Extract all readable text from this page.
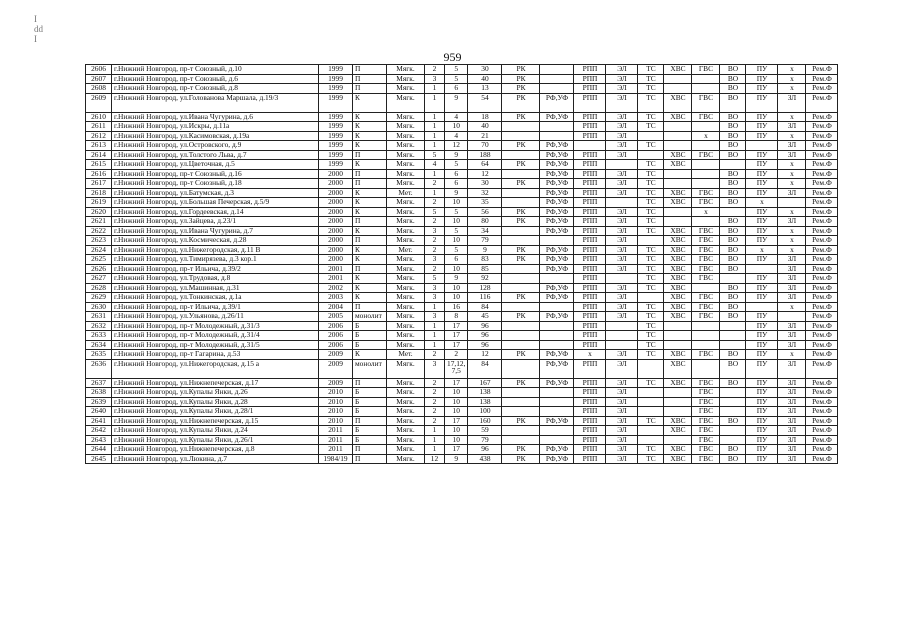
I dd I
959
2606	г.Нижний Новгород, пр-т Союзный, д.10	1999	П	Мягк.	2	5	30	РК		РПП	ЭЛ	ТС	ХВС	ГВС	ВО	ПУ	х	Рем.Ф
2607	г.Нижний Новгород, пр-т Союзный, д.6	1999	П	Мягк.	3	5	40	РК		РПП	ЭЛ	ТС			ВО	ПУ	х	Рем.Ф
2608	г.Нижний Новгород, пр-т Союзный, д.8	1999	П	Мягк.	1	6	13	РК		РПП	ЭЛ	ТС			ВО	ПУ	х	Рем.Ф
2609	г.Нижний Новгород, ул.Голованова Маршала, д.19/3	1999	К	Мягк.	1	9	54	РК	РФ,УФ	РПП	ЭЛ	ТС	ХВС	ГВС	ВО	ПУ	ЗЛ	Рем.Ф
2610	г.Нижний Новгород, ул.Ивана Чугурина, д.6	1999	К	Мягк.	1	4	18	РК	РФ,УФ	РПП	ЭЛ	ТС	ХВС	ГВС	ВО	ПУ	х	Рем.Ф
2611	г.Нижний Новгород, ул.Искры, д.11а	1999	К	Мягк.	1	10	40			РПП	ЭЛ	ТС			ВО	ПУ	ЗЛ	Рем.Ф
2612	г.Нижний Новгород, ул.Касимовская, д.19а	1999	К	Мягк.	1	4	21			РПП	ЭЛ			х	ВО	ПУ	х	Рем.Ф
2613	г.Нижний Новгород, ул.Островского, д.9	1999	К	Мягк.	1	12	70	РК	РФ,УФ		ЭЛ	ТС			ВО		ЗЛ	Рем.Ф
2614	г.Нижний Новгород, ул.Толстого Льва, д.7	1999	П	Мягк.	5	9	188		РФ,УФ	РПП	ЭЛ		ХВС	ГВС	ВО	ПУ	ЗЛ	Рем.Ф
2615	г.Нижний Новгород, ул.Цветочная, д.5	1999	К	Мягк.	4	5	64	РК	РФ,УФ	РПП		ТС	ХВС			ПУ	х	Рем.Ф
2616	г.Нижний Новгород, пр-т Союзный, д.16	2000	П	Мягк.	1	6	12		РФ,УФ	РПП	ЭЛ	ТС			ВО	ПУ	х	Рем.Ф
2617	г.Нижний Новгород, пр-т Союзный, д.18	2000	П	Мягк.	2	6	30	РК	РФ,УФ	РПП	ЭЛ	ТС			ВО	ПУ	х	Рем.Ф
2618	г.Нижний Новгород, ул.Батумская, д.3	2000	К	Мет.	1	9	32		РФ,УФ	РПП	ЭЛ	ТС	ХВС	ГВС	ВО	ПУ	ЗЛ	Рем.Ф
2619	г.Нижний Новгород, ул.Большая Печерская, д.5/9	2000	К	Мягк.	2	10	35		РФ,УФ	РПП		ТС	ХВС	ГВС	ВО	х		Рем.Ф
2620	г.Нижний Новгород, ул.Гордеевская, д.14	2000	К	Мягк.	5	5	56	РК	РФ,УФ	РПП	ЭЛ	ТС		х		ПУ	х	Рем.Ф
2621	г.Нижний Новгород, ул.Зайцева, д.23/1	2000	П	Мягк.	2	10	80	РК	РФ,УФ	РПП	ЭЛ	ТС			ВО	ПУ	ЗЛ	Рем.Ф
2622	г.Нижний Новгород, ул.Ивана Чугурина, д.7	2000	К	Мягк.	3	5	34		РФ,УФ	РПП	ЭЛ	ТС	ХВС	ГВС	ВО	ПУ	х	Рем.Ф
2623	г.Нижний Новгород, ул.Космическая, д.28	2000	П	Мягк.	2	10	79			РПП	ЭЛ		ХВС	ГВС	ВО	ПУ	х	Рем.Ф
2624	г.Нижний Новгород, ул.Нижегородская, д.11 В	2000	К	Мет.	2	5	9	РК	РФ,УФ	РПП	ЭЛ	ТС	ХВС	ГВС	ВО	х	х	Рем.Ф
2625	г.Нижний Новгород, ул.Тимирязева, д.3 кор.1	2000	К	Мягк.	3	6	83	РК	РФ,УФ	РПП	ЭЛ	ТС	ХВС	ГВС	ВО	ПУ	ЗЛ	Рем.Ф
2626	г.Нижний Новгород, пр-т Ильича, д.39/2	2001	П	Мягк.	2	10	85		РФ,УФ	РПП	ЭЛ	ТС	ХВС	ГВС	ВО		ЗЛ	Рем.Ф
2627	г.Нижний Новгород, ул.Трудовая, д.8	2001	К	Мягк.	5	9	92			РПП		ТС	ХВС	ГВС		ПУ	ЗЛ	Рем.Ф
2628	г.Нижний Новгород, ул.Машинная, д.31	2002	К	Мягк.	3	10	128		РФ,УФ	РПП	ЭЛ	ТС	ХВС		ВО	ПУ	ЗЛ	Рем.Ф
2629	г.Нижний Новгород, ул.Тонкинская, д.1а	2003	К	Мягк.	3	10	116	РК	РФ,УФ	РПП	ЭЛ		ХВС	ГВС	ВО	ПУ	ЗЛ	Рем.Ф
2630	г.Нижний Новгород, пр-т Ильича, д.39/1	2004	П	Мягк.	1	16	84			РПП	ЭЛ	ТС	ХВС	ГВС	ВО		х	Рем.Ф
2631	г.Нижний Новгород, ул.Ульянова, д.26/11	2005	монолит	Мягк.	3	8	45	РК	РФ,УФ	РПП	ЭЛ	ТС	ХВС	ГВС	ВО	ПУ		Рем.Ф
2632	г.Нижний Новгород, пр-т Молодежный, д.31/3	2006	Б	Мягк.	1	17	96			РПП		ТС				ПУ	ЗЛ	Рем.Ф
2633	г.Нижний Новгород, пр-т Молодежный, д.31/4	2006	Б	Мягк.	1	17	96			РПП		ТС				ПУ	ЗЛ	Рем.Ф
2634	г.Нижний Новгород, пр-т Молодежный, д.31/5	2006	Б	Мягк.	1	17	96			РПП		ТС				ПУ	ЗЛ	Рем.Ф
2635	г.Нижний Новгород, пр-т Гагарина, д.53	2009	К	Мет.	2	2	12	РК	РФ,УФ	х	ЭЛ	ТС	ХВС	ГВС	ВО	ПУ	х	Рем.Ф
2636	г.Нижний Новгород, ул.Нижегородская, д.15 а	2009	монолит	Мягк.	3	17,12, 7,5	84		РФ,УФ	РПП	ЭЛ		ХВС		ВО	ПУ	ЗЛ	Рем.Ф
2637	г.Нижний Новгород, ул.Нижнепечерская, д.17	2009	П	Мягк.	2	17	167	РК	РФ,УФ	РПП	ЭЛ	ТС	ХВС	ГВС	ВО	ПУ	ЗЛ	Рем.Ф
2638	г.Нижний Новгород, ул.Купалы Янки, д.26	2010	Б	Мягк.	2	10	138			РПП	ЭЛ			ГВС		ПУ	ЗЛ	Рем.Ф
2639	г.Нижний Новгород, ул.Купалы Янки, д.28	2010	Б	Мягк.	2	10	138			РПП	ЭЛ			ГВС		ПУ	ЗЛ	Рем.Ф
2640	г.Нижний Новгород, ул.Купалы Янки, д.28/1	2010	Б	Мягк.	2	10	100			РПП	ЭЛ			ГВС		ПУ	ЗЛ	Рем.Ф
2641	г.Нижний Новгород, ул.Нижнепечерская, д.15	2010	П	Мягк.	2	17	160	РК	РФ,УФ	РПП	ЭЛ	ТС	ХВС	ГВС	ВО	ПУ	ЗЛ	Рем.Ф
2642	г.Нижний Новгород, ул.Купалы Янки, д.24	2011	Б	Мягк.	1	10	59			РПП	ЭЛ		ХВС	ГВС		ПУ	ЗЛ	Рем.Ф
2643	г.Нижний Новгород, ул.Купалы Янки, д.26/1	2011	Б	Мягк.	1	10	79			РПП	ЭЛ			ГВС		ПУ	ЗЛ	Рем.Ф
2644	г.Нижний Новгород, ул.Нижнепечерская, д.8	2011	П	Мягк.	1	17	96	РК	РФ,УФ	РПП	ЭЛ	ТС	ХВС	ГВС	ВО	ПУ	ЗЛ	Рем.Ф
2645	г.Нижний Новгород, ул.Люкина, д.7	1984/19	П	Мягк.	12	9	438	РК	РФ,УФ	РПП	ЭЛ	ТС	ХВС	ГВС	ВО	ПУ	ЗЛ	Рем.Ф
